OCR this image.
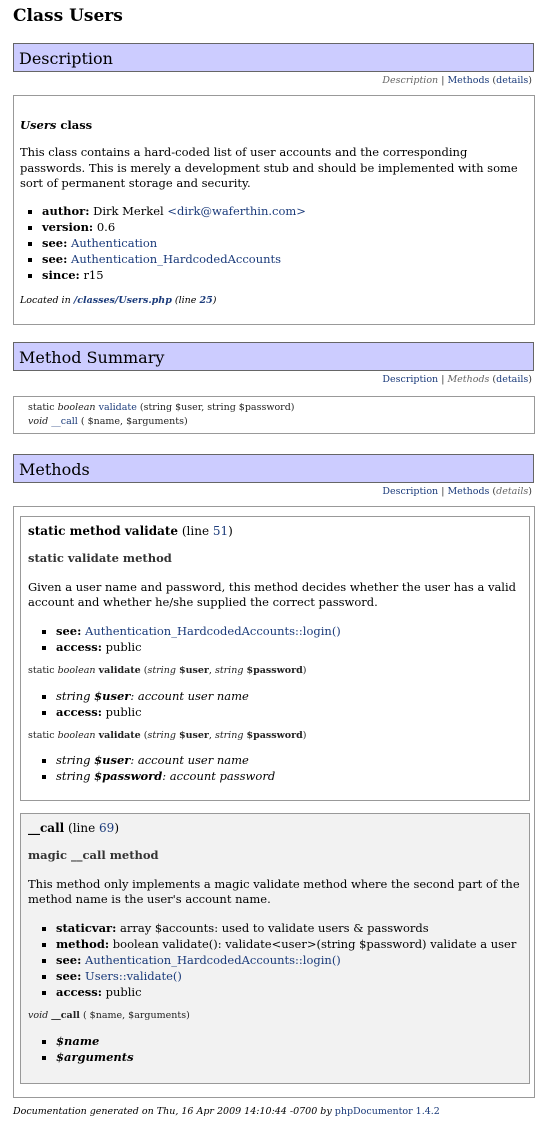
Class Users
Description
Description | Methods (details)
Users class

This class contains a hard-coded list of user accounts and the corresponding passwords. This is merely a development stub and should be implemented with some sort of permanent storage and security.

▪ author: Dirk Merkel <dirk@waferthin.com>
▪ version: 0.6
▪ see: Authentication
▪ see: Authentication_HardcodedAccounts
▪ since: r15
Located in /classes/Users.php (line 25)
Method Summary
Description | Methods (details)
static boolean validate (string $user, string $password)
void __call ( $name, $arguments)
Methods
Description | Methods (details)
static method validate (line 51)
static validate method

Given a user name and password, this method decides whether the user has a valid account and whether he/she supplied the correct password.

▪ see: Authentication_HardcodedAccounts::login()
▪ access: public
static boolean validate (string $user, string $password)
▪ string $user: account user name
▪ access: public
static boolean validate (string $user, string $password)
▪ string $user: account user name
▪ string $password: account password
__call (line 69)
magic __call method

This method only implements a magic validate method where the second part of the method name is the user's account name.

▪ staticvar: array $accounts: used to validate users & passwords
▪ method: boolean validate(): validate<user>(string $password) validate a user
▪ see: Authentication_HardcodedAccounts::login()
▪ see: Users::validate()
▪ access: public
void __call ( $name, $arguments)
▪ $name
▪ $arguments
Documentation generated on Thu, 16 Apr 2009 14:10:44 -0700 by phpDocumentor 1.4.2
